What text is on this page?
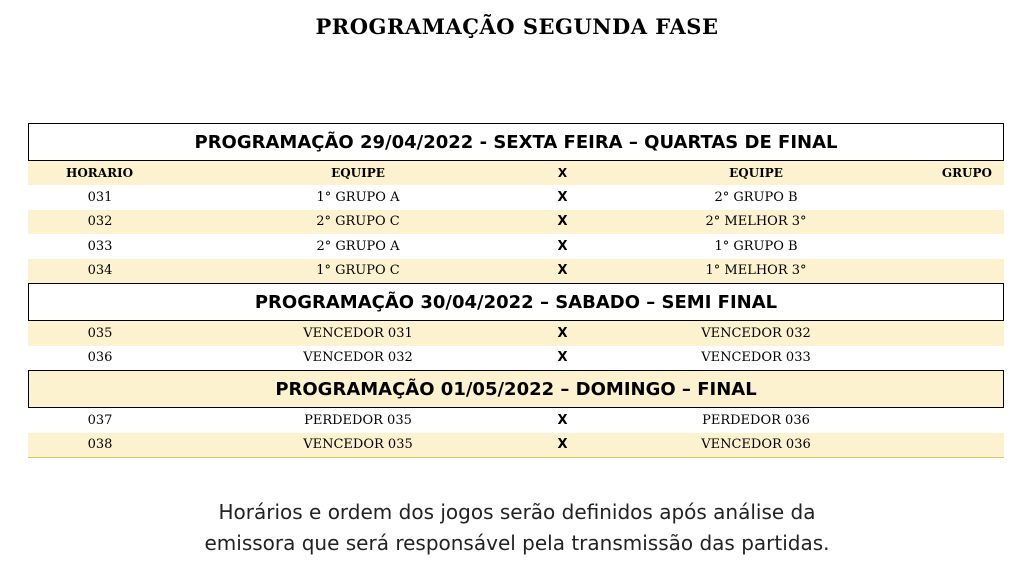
PROGRAMAÇÃO SEGUNDA FASE
PROGRAMAÇÃO 29/04/2022 - SEXTA FEIRA – QUARTAS DE FINAL
HORARIO	EQUIPE	X	EQUIPE	GRUPO
031	1° GRUPO A	X	2° GRUPO B
032	2° GRUPO C	X	2° MELHOR 3°
033	2° GRUPO A	X	1° GRUPO B
034	1° GRUPO C	X	1° MELHOR 3°
PROGRAMAÇÃO 30/04/2022 – SABADO – SEMI FINAL
035	VENCEDOR 031	X	VENCEDOR 032
036	VENCEDOR 032	X	VENCEDOR 033
PROGRAMAÇÃO 01/05/2022 – DOMINGO – FINAL
037	PERDEDOR 035	X	PERDEDOR 036
038	VENCEDOR 035	X	VENCEDOR 036
Horários e ordem dos jogos serão definidos após análise da
emissora que será responsável pela transmissão das partidas.
